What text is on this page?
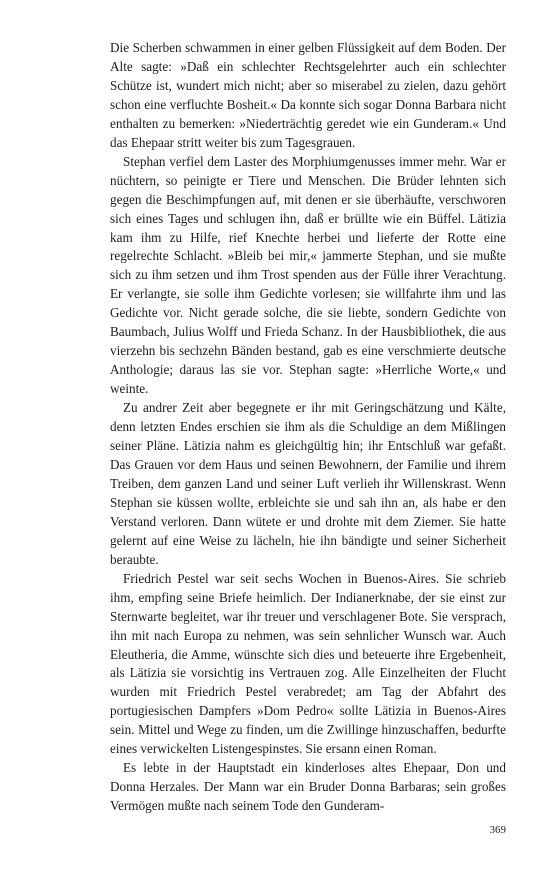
Die Scherben schwammen in einer gelben Flüssigkeit auf dem Boden. Der Alte sagte: »Daß ein schlechter Rechtsgelehrter auch ein schlechter Schütze ist, wundert mich nicht; aber so miserabel zu zielen, dazu gehört schon eine verfluchte Bosheit.« Da konnte sich sogar Donna Barbara nicht enthalten zu bemerken: »Niederträchtig geredet wie ein Gunderam.« Und das Ehepaar stritt weiter bis zum Tagesgrauen.

Stephan verfiel dem Laster des Morphiumgenusses immer mehr. War er nüchtern, so peinigte er Tiere und Menschen. Die Brüder lehnten sich gegen die Beschimpfungen auf, mit denen er sie überhäufte, verschworen sich eines Tages und schlugen ihn, daß er brüllte wie ein Büffel. Lätizia kam ihm zu Hilfe, rief Knechte herbei und lieferte der Rotte eine regelrechte Schlacht. »Bleib bei mir,« jammerte Stephan, und sie mußte sich zu ihm setzen und ihm Trost spenden aus der Fülle ihrer Verachtung. Er verlangte, sie solle ihm Gedichte vorlesen; sie willfahrte ihm und las Gedichte vor. Nicht gerade solche, die sie liebte, sondern Gedichte von Baumbach, Julius Wolff und Frieda Schanz. In der Hausbibliothek, die aus vierzehn bis sechzehn Bänden bestand, gab es eine verschmierte deutsche Anthologie; daraus las sie vor. Stephan sagte: »Herrliche Worte,« und weinte.

Zu andrer Zeit aber begegnete er ihr mit Geringschätzung und Kälte, denn letzten Endes erschien sie ihm als die Schuldige an dem Mißlingen seiner Pläne. Lätizia nahm es gleichgültig hin; ihr Entschluß war gefaßt. Das Grauen vor dem Haus und seinen Bewohnern, der Familie und ihrem Treiben, dem ganzen Land und seiner Luft verlieh ihr Willenskrast. Wenn Stephan sie küssen wollte, erbleichte sie und sah ihn an, als habe er den Verstand verloren. Dann wütete er und drohte mit dem Ziemer. Sie hatte gelernt auf eine Weise zu lächeln, hie ihn bändigte und seiner Sicherheit beraubte.

Friedrich Pestel war seit sechs Wochen in Buenos-Aires. Sie schrieb ihm, empfing seine Briefe heimlich. Der Indianerknabe, der sie einst zur Sternwarte begleitet, war ihr treuer und verschlagener Bote. Sie versprach, ihn mit nach Europa zu nehmen, was sein sehnlicher Wunsch war. Auch Eleutheria, die Amme, wünschte sich dies und beteuerte ihre Ergebenheit, als Lätizia sie vorsichtig ins Vertrauen zog. Alle Einzelheiten der Flucht wurden mit Friedrich Pestel verabredet; am Tag der Abfahrt des portugiesischen Dampfers »Dom Pedro« sollte Lätizia in Buenos-Aires sein. Mittel und Wege zu finden, um die Zwillinge hinzuschaffen, bedurfte eines verwickelten Listengespinstes. Sie ersann einen Roman.

Es lebte in der Hauptstadt ein kinderloses altes Ehepaar, Don und Donna Herzales. Der Mann war ein Bruder Donna Barbaras; sein großes Vermögen mußte nach seinem Tode den Gunderam-

369
